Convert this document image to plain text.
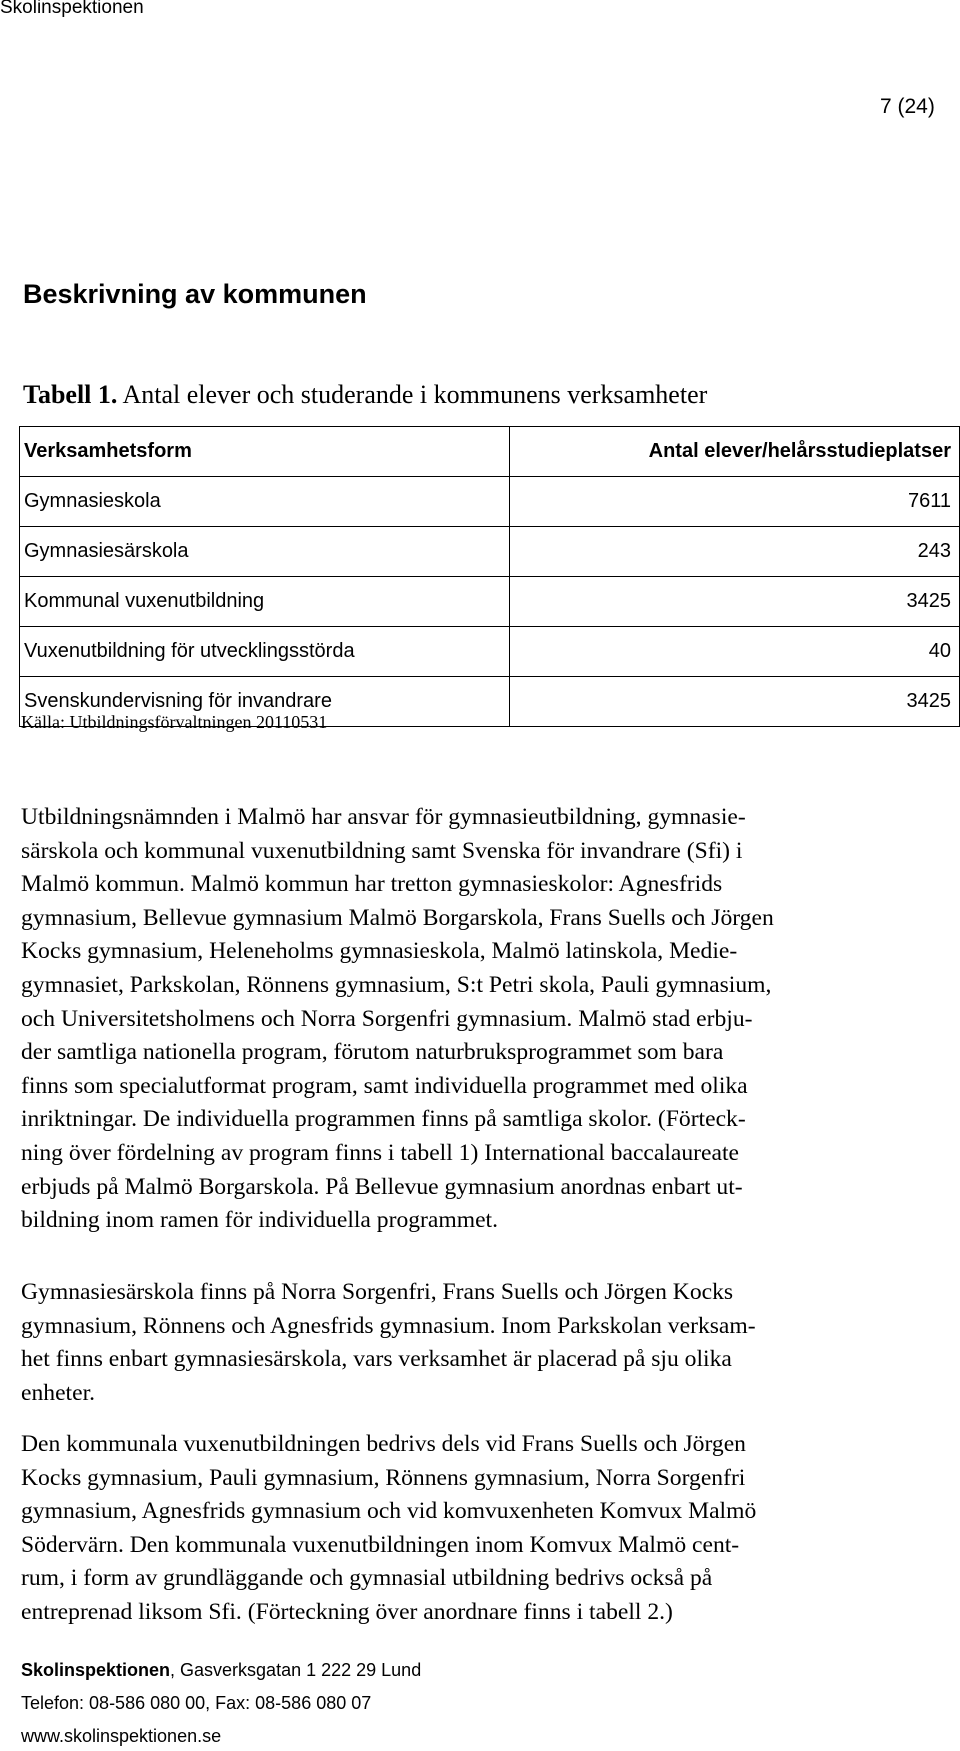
Skolinspektionen
7 (24)
Beskrivning av kommunen
Tabell 1. Antal elever och studerande i kommunens verksamheter
Verksamhetsform	Antal elever/helårsstudieplatser
Gymnasieskola	7611
Gymnasiesärskola	243
Kommunal vuxenutbildning	3425
Vuxenutbildning för utvecklingsstörda	40
Svenskundervisning för invandrare	3425
Källa: Utbildningsförvaltningen 20110531

Utbildningsnämnden i Malmö har ansvar för gymnasieutbildning, gymnasie-
särskola och kommunal vuxenutbildning samt Svenska för invandrare (Sfi) i
Malmö kommun. Malmö kommun har tretton gymnasieskolor: Agnesfrids
gymnasium, Bellevue gymnasium Malmö Borgarskola, Frans Suells och Jörgen
Kocks gymnasium, Heleneholms gymnasieskola, Malmö latinskola, Medie-
gymnasiet, Parkskolan, Rönnens gymnasium, S:t Petri skola, Pauli gymnasium,
och Universitetsholmens och Norra Sorgenfri gymnasium. Malmö stad erbju-
der samtliga nationella program, förutom naturbruksprogrammet som bara
finns som specialutformat program, samt individuella programmet med olika
inriktningar. De individuella programmen finns på samtliga skolor. (Förteck-
ning över fördelning av program finns i tabell 1) International baccalaureate
erbjuds på Malmö Borgarskola. På Bellevue gymnasium anordnas enbart ut-
bildning inom ramen för individuella programmet.

Gymnasiesärskola finns på Norra Sorgenfri, Frans Suells och Jörgen Kocks
gymnasium, Rönnens och Agnesfrids gymnasium. Inom Parkskolan verksam-
het finns enbart gymnasiesärskola, vars verksamhet är placerad på sju olika
enheter.

Den kommunala vuxenutbildningen bedrivs dels vid Frans Suells och Jörgen
Kocks gymnasium, Pauli gymnasium, Rönnens gymnasium, Norra Sorgenfri
gymnasium, Agnesfrids gymnasium och vid komvuxenheten Komvux Malmö
Södervärn. Den kommunala vuxenutbildningen inom Komvux Malmö cent-
rum, i form av grundläggande och gymnasial utbildning bedrivs också på
entreprenad liksom Sfi. (Förteckning över anordnare finns i tabell 2.)

Skolinspektionen, Gasverksgatan 1 222 29 Lund
Telefon: 08-586 080 00, Fax: 08-586 080 07
www.skolinspektionen.se
